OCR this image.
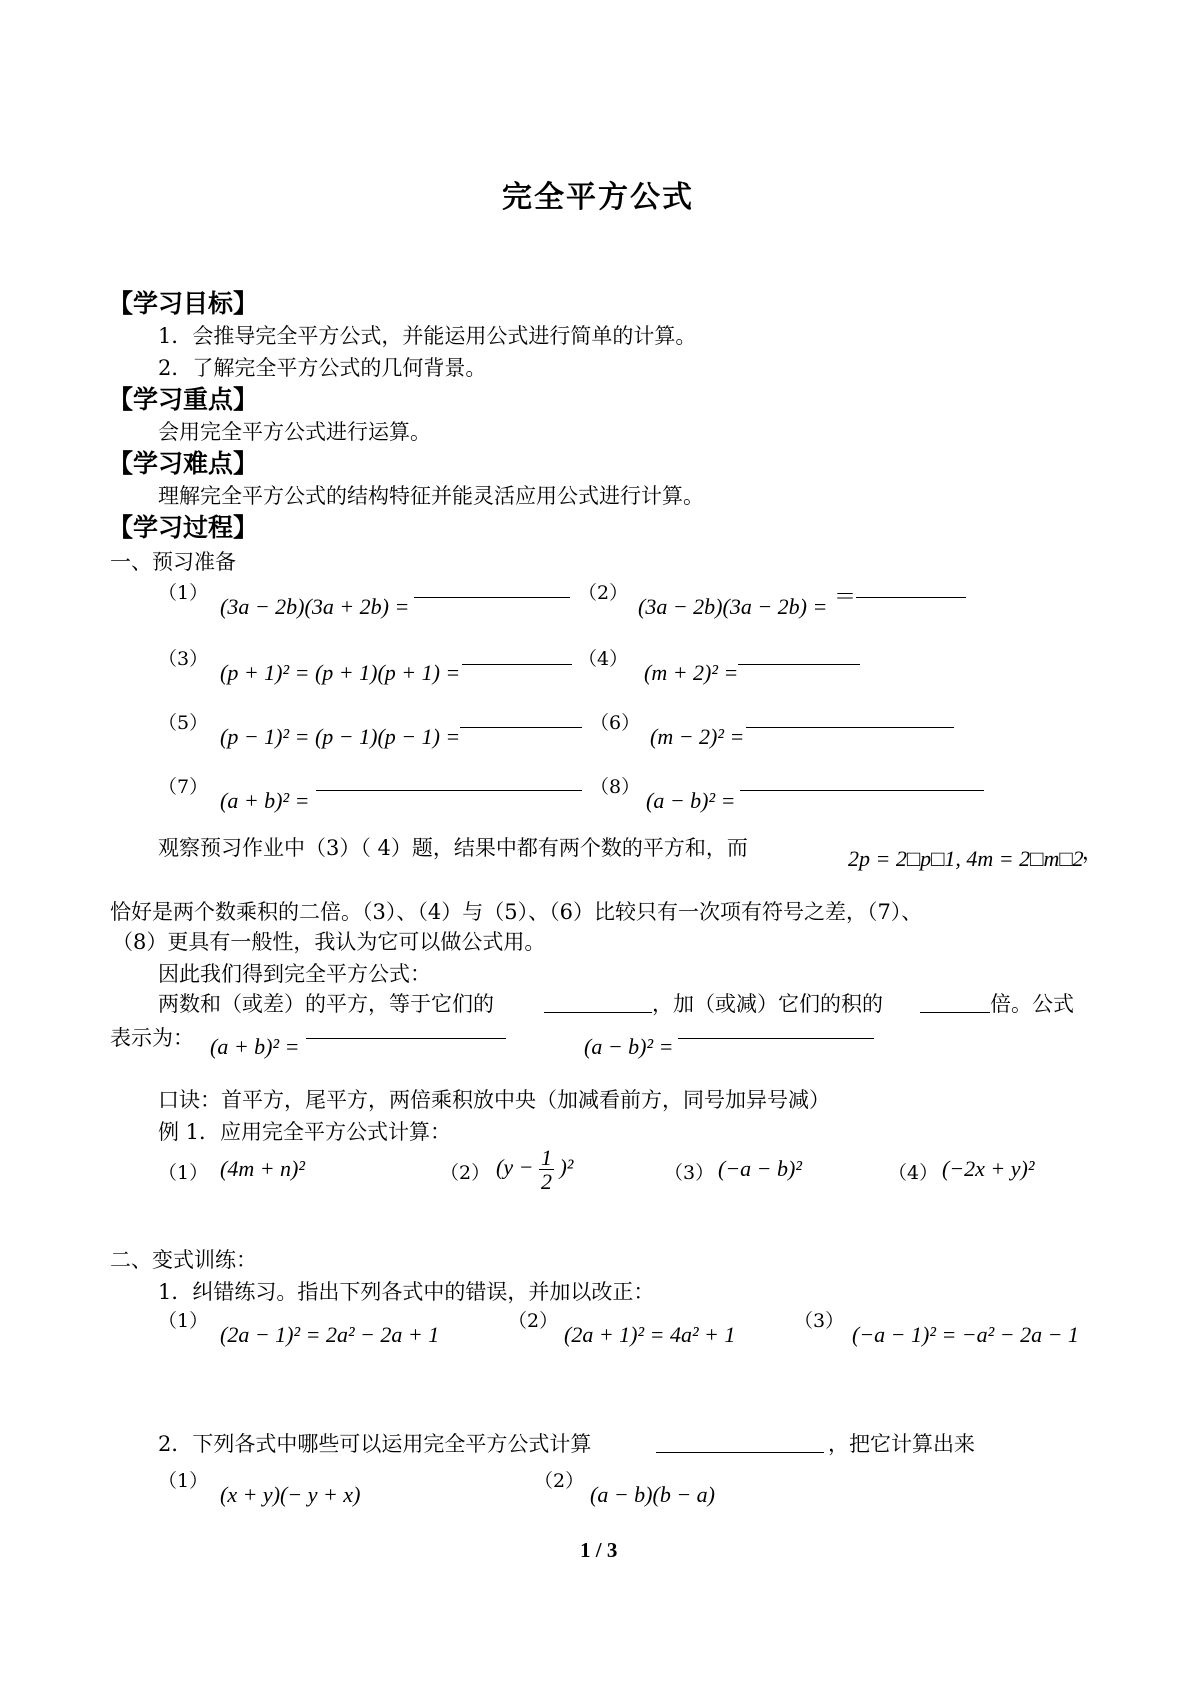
完全平方公式
【学习目标】
1．会推导完全平方公式，并能运用公式进行简单的计算。
2．了解完全平方公式的几何背景。
【学习重点】
会用完全平方公式进行运算。
【学习难点】
理解完全平方公式的结构特征并能灵活应用公式进行计算。
【学习过程】
一、预习准备
（1）
(3a − 2b)(3a + 2b) =
（2）
(3a − 2b)(3a − 2b) = ＝
（3）
(p + 1)² = (p + 1)(p + 1) =
（4）
(m + 2)² =
（5）
(p − 1)² = (p − 1)(p − 1) =
（6）
(m − 2)² =
（7）
(a + b)² =
（8）
(a − b)² =
观察预习作业中（3）（ 4）题，结果中都有两个数的平方和，而	2p = 2□p□1, 4m = 2□m□2
，
恰好是两个数乘积的二倍。（3）、（4）与（5）、（6）比较只有一次项有符号之差，（7）、
（8）更具有一般性，我认为它可以做公式用。
因此我们得到完全平方公式：
两数和（或差）的平方，等于它们的	，加（或减）它们的积的	倍。公式
表示为： (a + b)² =	(a − b)² =
口诀：首平方，尾平方，两倍乘积放中央（加减看前方，同号加异号减）
例 1．应用完全平方公式计算：
（1） (4m + n)²	（2） $(y - \frac{1}{2} )^2$	（3） (−a − b)²	（4） (−2x + y)²
二、变式训练：
1．纠错练习。指出下列各式中的错误，并加以改正：
（1）
(2a − 1)² = 2a² − 2a + 1
（2）
(2a + 1)² = 4a² + 1
（3）
(−a − 1)² = −a² − 2a − 1
2．下列各式中哪些可以运用完全平方公式计算	，把它计算出来
（1）
(x + y)(− y + x)
（2）
(a − b)(b − a)
1 / 3
